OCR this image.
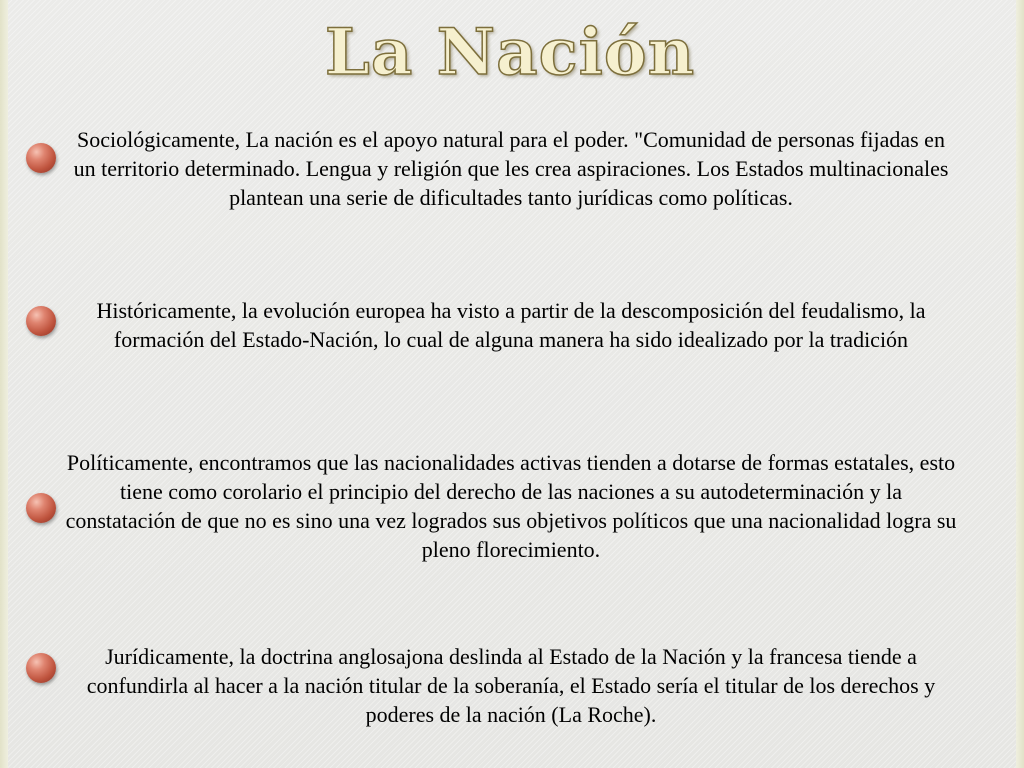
La Nación

Sociológicamente, La nación es el apoyo natural para el poder. "Comunidad de personas fijadas en un territorio determinado. Lengua y religión que les crea aspiraciones. Los Estados multinacionales plantean una serie de dificultades tanto jurídicas como políticas.

Históricamente, la evolución europea ha visto a partir de la descomposición del feudalismo, la formación del Estado-Nación, lo cual de alguna manera ha sido idealizado por la tradición

Políticamente, encontramos que las nacionalidades activas tienden a dotarse de formas estatales, esto tiene como corolario el principio del derecho de las naciones a su autodeterminación y la constatación de que no es sino una vez logrados sus objetivos políticos que una nacionalidad logra su pleno florecimiento.

Jurídicamente, la doctrina anglosajona deslinda al Estado de la Nación y la francesa tiende a confundirla al hacer a la nación titular de la soberanía, el Estado sería el titular de los derechos y poderes de la nación (La Roche).
